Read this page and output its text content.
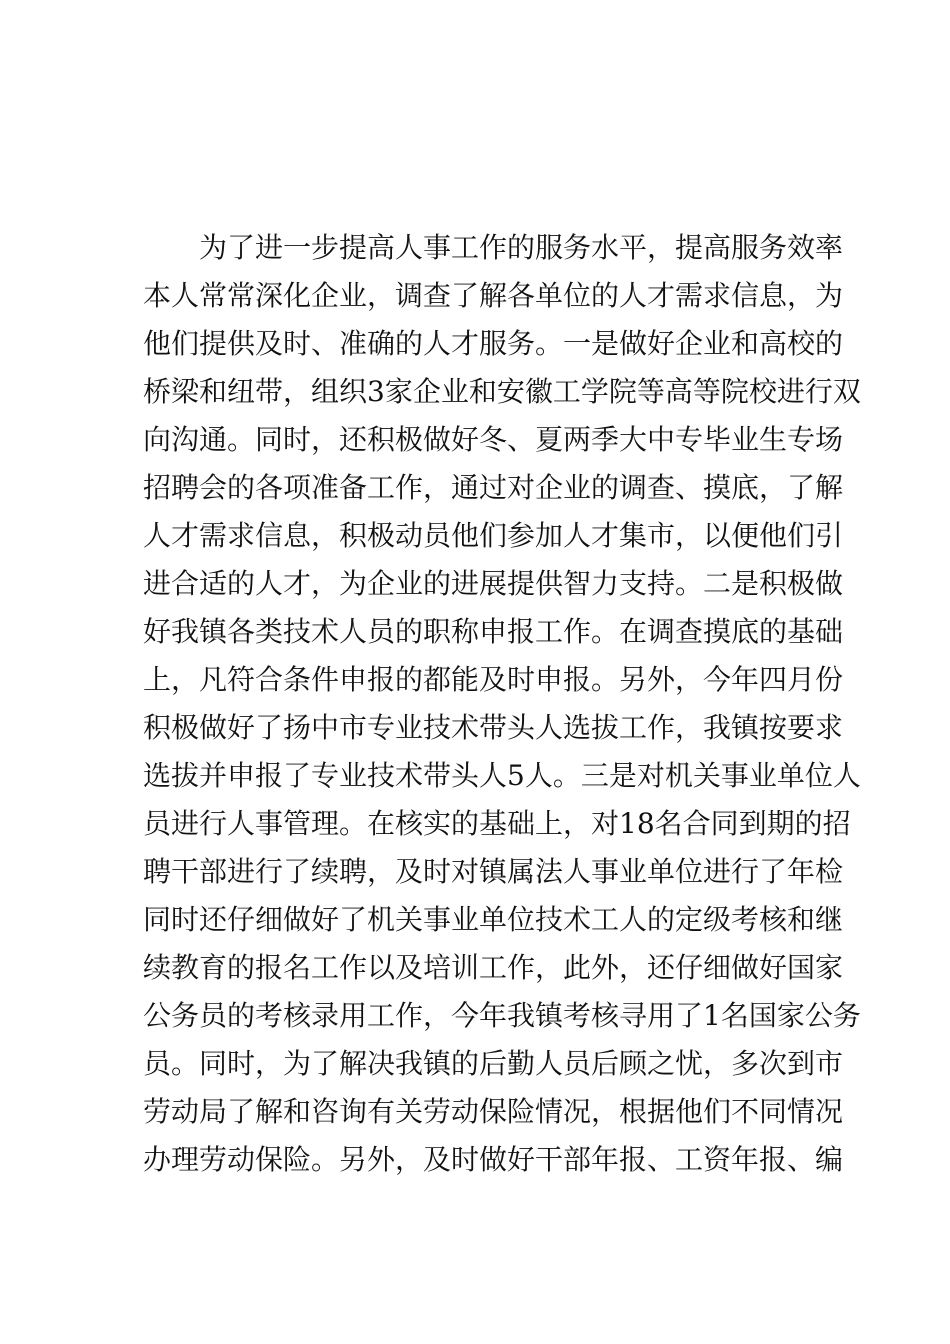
为了进一步提高人事工作的服务水平，提高服务效率
本人常常深化企业，调查了解各单位的人才需求信息，为
他们提供及时、准确的人才服务。一是做好企业和高校的
桥梁和纽带，组织3家企业和安徽工学院等高等院校进行双
向沟通。同时，还积极做好冬、夏两季大中专毕业生专场
招聘会的各项准备工作，通过对企业的调查、摸底，了解
人才需求信息，积极动员他们参加人才集市，以便他们引
进合适的人才，为企业的进展提供智力支持。二是积极做
好我镇各类技术人员的职称申报工作。在调查摸底的基础
上，凡符合条件申报的都能及时申报。另外，今年四月份
积极做好了扬中市专业技术带头人选拔工作，我镇按要求
选拔并申报了专业技术带头人5人。三是对机关事业单位人
员进行人事管理。在核实的基础上，对18名合同到期的招
聘干部进行了续聘，及时对镇属法人事业单位进行了年检
同时还仔细做好了机关事业单位技术工人的定级考核和继
续教育的报名工作以及培训工作，此外，还仔细做好国家
公务员的考核录用工作，今年我镇考核寻用了1名国家公务
员。同时，为了解决我镇的后勤人员后顾之忧，多次到市
劳动局了解和咨询有关劳动保险情况，根据他们不同情况
办理劳动保险。另外，及时做好干部年报、工资年报、编
